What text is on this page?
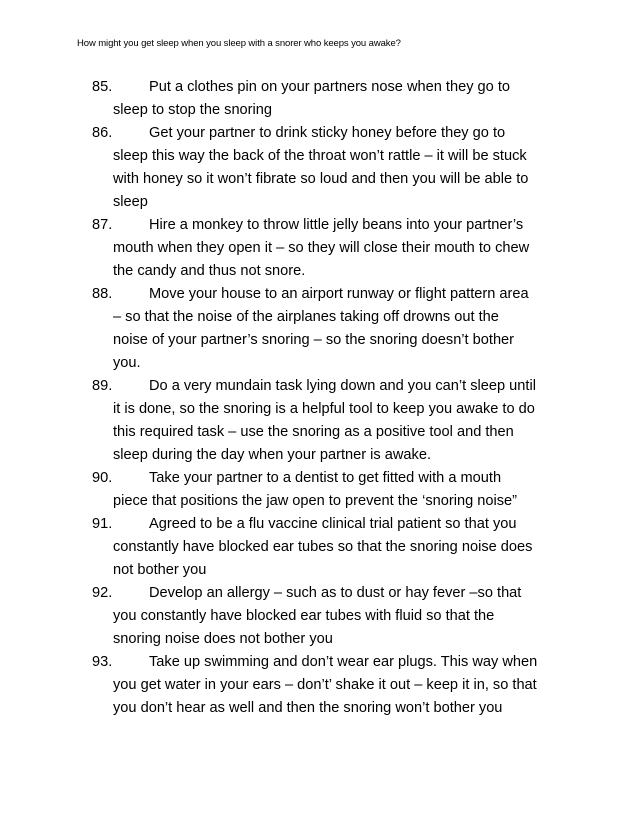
How might you get sleep when you sleep with a snorer who keeps you awake?
85.	Put a clothes pin on your partners nose when they go to
sleep to stop the snoring
86.	Get your partner to drink sticky honey before they go to
sleep this way the back of the throat won’t rattle – it will be stuck
with honey so it won’t fibrate so loud and then you will be able to
sleep
87.	Hire a monkey to throw little jelly beans into your partner’s
mouth when they open it – so they will close their mouth to chew
the candy and thus not snore.
88.	Move your house to an airport runway or flight pattern area
– so that the noise of the airplanes taking off drowns out the
noise of your partner’s snoring – so the snoring doesn’t bother
you.
89.	Do a very mundain task lying down and you can’t sleep until
it is done, so the snoring is a helpful tool to keep you awake to do
this required task – use the snoring as a positive tool and then
sleep during the day when your partner is awake.
90.	Take your partner to a dentist to get fitted with a mouth
piece that positions the jaw open to prevent the ‘snoring noise”
91.	Agreed to be a flu vaccine clinical trial patient so that you
constantly have blocked ear tubes so that the snoring noise does
not bother you
92.	Develop an allergy – such as to dust or hay fever –so that
you constantly have blocked ear tubes with fluid so that the
snoring noise does not bother you
93.	Take up swimming and don’t wear ear plugs. This way when
you get water in your ears – don’t’ shake it out – keep it in, so that
you don’t hear as well and then the snoring won’t bother you
